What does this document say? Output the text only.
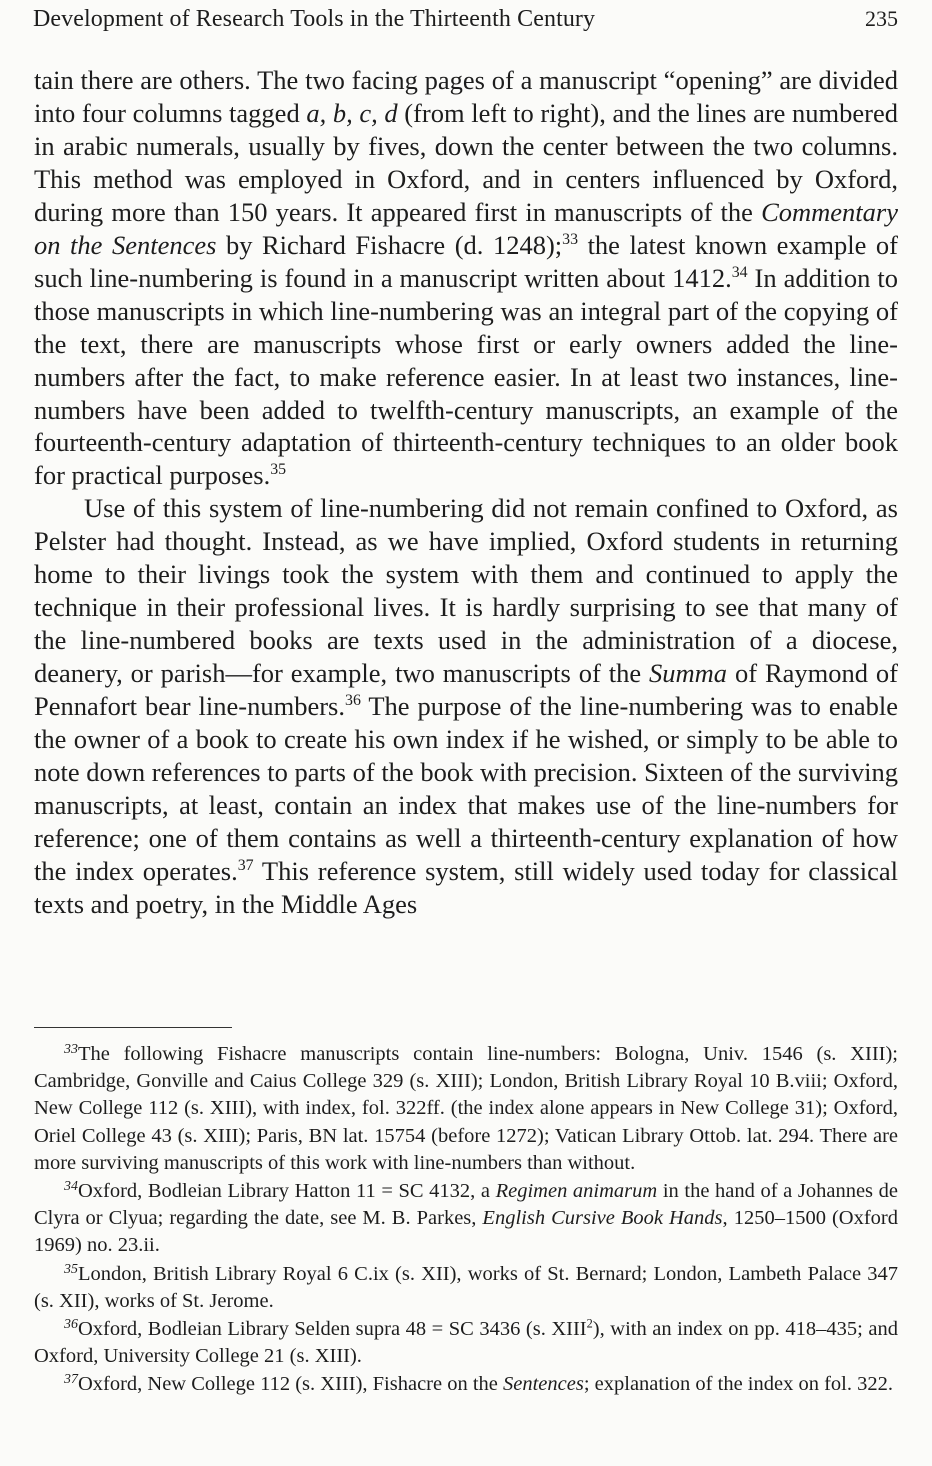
Development of Research Tools in the Thirteenth Century	235

tain there are others. The two facing pages of a manuscript “opening” are divided into four columns tagged a, b, c, d (from left to right), and the lines are numbered in arabic numerals, usually by fives, down the center between the two columns. This method was employed in Oxford, and in centers influenced by Oxford, during more than 150 years. It appeared first in manuscripts of the Commentary on the Sentences by Richard Fishacre (d. 1248);$^{33}$ the latest known example of such line-numbering is found in a manuscript written about 1412.34 In addition to those manuscripts in which line-numbering was an integral part of the copying of the text, there are manuscripts whose first or early owners added the line-numbers after the fact, to make reference easier. In at least two instances, line-numbers have been added to twelfth-century manuscripts, an example of the fourteenth-century adaptation of thirteenth-century techniques to an older book for practical purposes.$^{35}$

Use of this system of line-numbering did not remain confined to Oxford, as Pelster had thought. Instead, as we have implied, Oxford students in returning home to their livings took the system with them and continued to apply the technique in their professional lives. It is hardly surprising to see that many of the line-numbered books are texts used in the administration of a diocese, deanery, or parish—for example, two manuscripts of the Summa of Raymond of Pennafort bear line-numbers.$^{36}$ The purpose of the line-numbering was to enable the owner of a book to create his own index if he wished, or simply to be able to note down references to parts of the book with precision. Sixteen of the surviving manuscripts, at least, contain an index that makes use of the line-numbers for reference; one of them contains as well a thirteenth-century explanation of how the index operates.$^{37}$ This reference system, still widely used today for classical texts and poetry, in the Middle Ages

$^{33}$The following Fishacre manuscripts contain line-numbers: Bologna, Univ. 1546 (s. XIII); Cambridge, Gonville and Caius College 329 (s. XIII); London, British Library Royal 10 B.viii; Oxford, New College 112 (s. XIII), with index, fol. 322ff. (the index alone appears in New College 31); Oxford, Oriel College 43 (s. XIII); Paris, BN lat. 15754 (before 1272); Vatican Library Ottob. lat. 294. There are more surviving manuscripts of this work with line-numbers than without.

$^{34}$Oxford, Bodleian Library Hatton 11 = SC 4132, a Regimen animarum in the hand of a Johannes de Clyra or Clyua; regarding the date, see M. B. Parkes, English Cursive Book Hands, 1250–1500 (Oxford 1969) no. 23.ii.

$^{35}$London, British Library Royal 6 C.ix (s. XII), works of St. Bernard; London, Lambeth Palace 347 (s. XII), works of St. Jerome.

$^{36}$Oxford, Bodleian Library Selden supra 48 = SC 3436 (s. XIII$^2$), with an index on pp. 418–435; and Oxford, University College 21 (s. XIII).

$^{37}$Oxford, New College 112 (s. XIII), Fishacre on the Sentences; explanation of the index on fol. 322.
